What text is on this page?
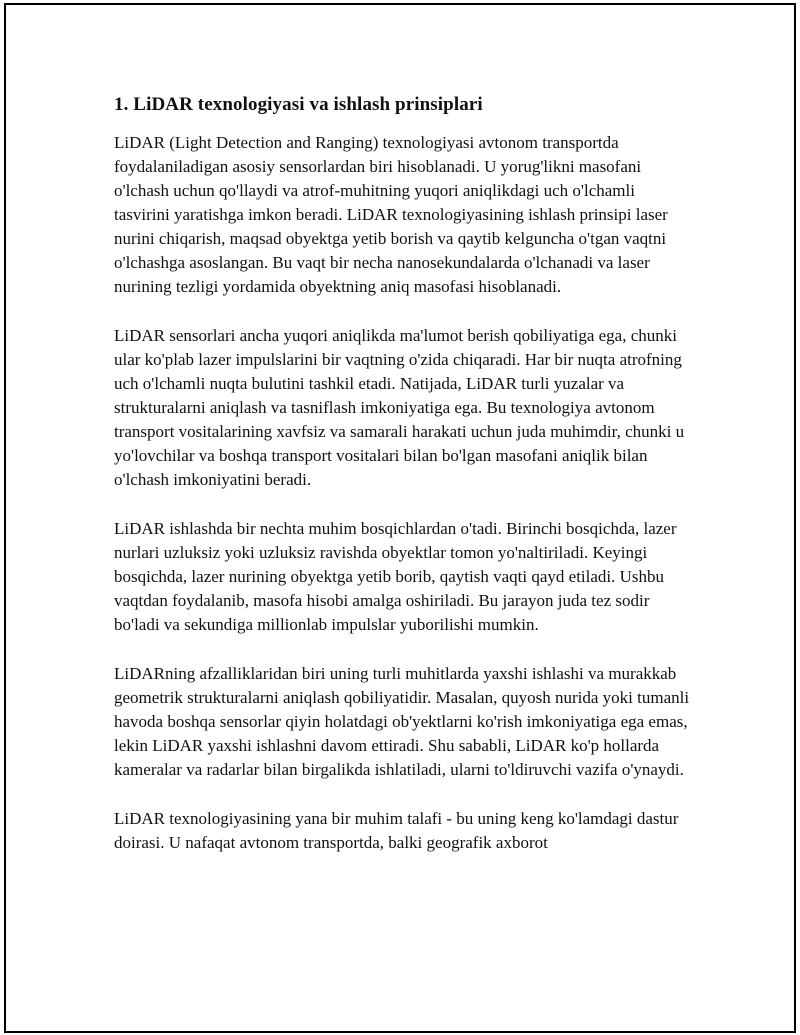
1. LiDAR texnologiyasi va ishlash prinsiplari

LiDAR (Light Detection and Ranging) texnologiyasi avtonom transportda foydalaniladigan asosiy sensorlardan biri hisoblanadi. U yorug'likni masofani o'lchash uchun qo'llaydi va atrof-muhitning yuqori aniqlikdagi uch o'lchamli tasvirini yaratishga imkon beradi. LiDAR texnologiyasining ishlash prinsipi laser nurini chiqarish, maqsad obyektga yetib borish va qaytib kelguncha o'tgan vaqtni o'lchashga asoslangan. Bu vaqt bir necha nanosekundalarda o'lchanadi va laser nurining tezligi yordamida obyektning aniq masofasi hisoblanadi.

LiDAR sensorlari ancha yuqori aniqlikda ma'lumot berish qobiliyatiga ega, chunki ular ko'plab lazer impulslarini bir vaqtning o'zida chiqaradi. Har bir nuqta atrofning uch o'lchamli nuqta bulutini tashkil etadi. Natijada, LiDAR turli yuzalar va strukturalarni aniqlash va tasniflash imkoniyatiga ega. Bu texnologiya avtonom transport vositalarining xavfsiz va samarali harakati uchun juda muhimdir, chunki u yo'lovchilar va boshqa transport vositalari bilan bo'lgan masofani aniqlik bilan o'lchash imkoniyatini beradi.

LiDAR ishlashda bir nechta muhim bosqichlardan o'tadi. Birinchi bosqichda, lazer nurlari uzluksiz yoki uzluksiz ravishda obyektlar tomon yo'naltiriladi. Keyingi bosqichda, lazer nurining obyektga yetib borib, qaytish vaqti qayd etiladi. Ushbu vaqtdan foydalanib, masofa hisobi amalga oshiriladi. Bu jarayon juda tez sodir bo'ladi va sekundiga millionlab impulslar yuborilishi mumkin.

LiDARning afzalliklaridan biri uning turli muhitlarda yaxshi ishlashi va murakkab geometrik strukturalarni aniqlash qobiliyatidir. Masalan, quyosh nurida yoki tumanli havoda boshqa sensorlar qiyin holatdagi ob'yektlarni ko'rish imkoniyatiga ega emas, lekin LiDAR yaxshi ishlashni davom ettiradi. Shu sababli, LiDAR ko'p hollarda kameralar va radarlar bilan birgalikda ishlatiladi, ularni to'ldiruvchi vazifa o'ynaydi.

LiDAR texnologiyasining yana bir muhim talafi - bu uning keng ko'lamdagi dastur doirasi. U nafaqat avtonom transportda, balki geografik axborot
